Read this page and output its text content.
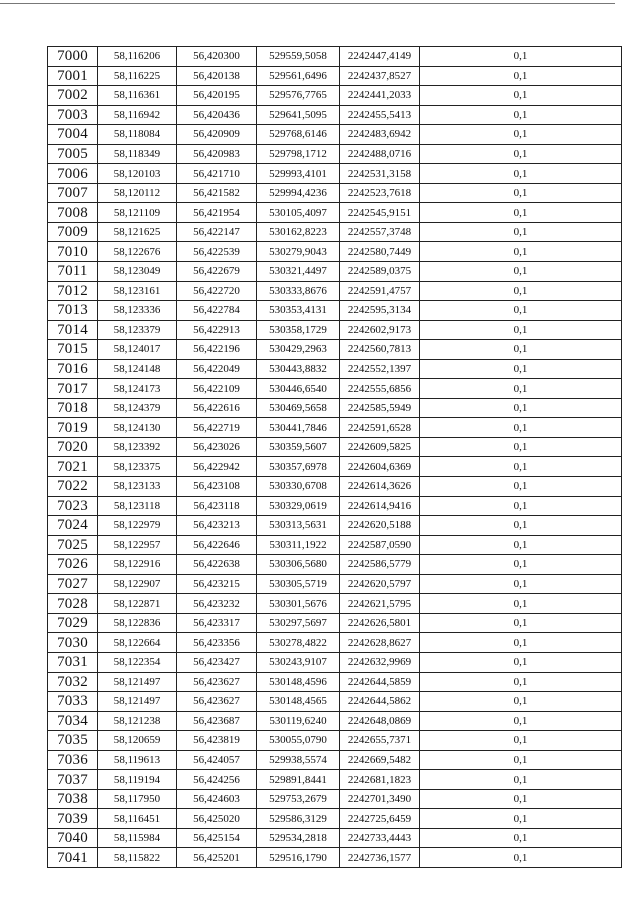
7000	58,116206	56,420300	529559,5058	2242447,4149	0,1
7001	58,116225	56,420138	529561,6496	2242437,8527	0,1
7002	58,116361	56,420195	529576,7765	2242441,2033	0,1
7003	58,116942	56,420436	529641,5095	2242455,5413	0,1
7004	58,118084	56,420909	529768,6146	2242483,6942	0,1
7005	58,118349	56,420983	529798,1712	2242488,0716	0,1
7006	58,120103	56,421710	529993,4101	2242531,3158	0,1
7007	58,120112	56,421582	529994,4236	2242523,7618	0,1
7008	58,121109	56,421954	530105,4097	2242545,9151	0,1
7009	58,121625	56,422147	530162,8223	2242557,3748	0,1
7010	58,122676	56,422539	530279,9043	2242580,7449	0,1
7011	58,123049	56,422679	530321,4497	2242589,0375	0,1
7012	58,123161	56,422720	530333,8676	2242591,4757	0,1
7013	58,123336	56,422784	530353,4131	2242595,3134	0,1
7014	58,123379	56,422913	530358,1729	2242602,9173	0,1
7015	58,124017	56,422196	530429,2963	2242560,7813	0,1
7016	58,124148	56,422049	530443,8832	2242552,1397	0,1
7017	58,124173	56,422109	530446,6540	2242555,6856	0,1
7018	58,124379	56,422616	530469,5658	2242585,5949	0,1
7019	58,124130	56,422719	530441,7846	2242591,6528	0,1
7020	58,123392	56,423026	530359,5607	2242609,5825	0,1
7021	58,123375	56,422942	530357,6978	2242604,6369	0,1
7022	58,123133	56,423108	530330,6708	2242614,3626	0,1
7023	58,123118	56,423118	530329,0619	2242614,9416	0,1
7024	58,122979	56,423213	530313,5631	2242620,5188	0,1
7025	58,122957	56,422646	530311,1922	2242587,0590	0,1
7026	58,122916	56,422638	530306,5680	2242586,5779	0,1
7027	58,122907	56,423215	530305,5719	2242620,5797	0,1
7028	58,122871	56,423232	530301,5676	2242621,5795	0,1
7029	58,122836	56,423317	530297,5697	2242626,5801	0,1
7030	58,122664	56,423356	530278,4822	2242628,8627	0,1
7031	58,122354	56,423427	530243,9107	2242632,9969	0,1
7032	58,121497	56,423627	530148,4596	2242644,5859	0,1
7033	58,121497	56,423627	530148,4565	2242644,5862	0,1
7034	58,121238	56,423687	530119,6240	2242648,0869	0,1
7035	58,120659	56,423819	530055,0790	2242655,7371	0,1
7036	58,119613	56,424057	529938,5574	2242669,5482	0,1
7037	58,119194	56,424256	529891,8441	2242681,1823	0,1
7038	58,117950	56,424603	529753,2679	2242701,3490	0,1
7039	58,116451	56,425020	529586,3129	2242725,6459	0,1
7040	58,115984	56,425154	529534,2818	2242733,4443	0,1
7041	58,115822	56,425201	529516,1790	2242736,1577	0,1
